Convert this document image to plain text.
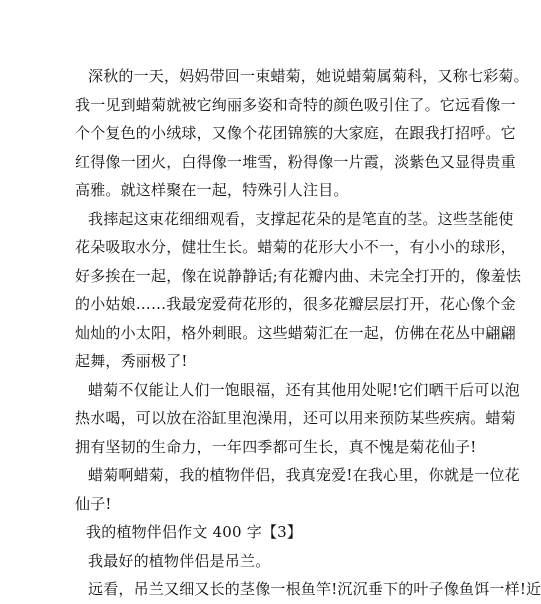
深秋的一天，妈妈带回一束蜡菊，她说蜡菊属菊科，又称七彩菊。
我一见到蜡菊就被它绚丽多姿和奇特的颜色吸引住了。它远看像一
个个复色的小绒球，又像个花团锦簇的大家庭，在跟我打招呼。它
红得像一团火，白得像一堆雪，粉得像一片霞，淡紫色又显得贵重
高雅。就这样聚在一起，特殊引人注目。

我摔起这束花细细观看，支撑起花朵的是笔直的茎。这些茎能使
花朵吸取水分，健壮生长。蜡菊的花形大小不一，有小小的球形，
好多挨在一起，像在说静静话;有花瓣内曲、未完全打开的，像羞怯
的小姑娘……我最宠爱荷花形的，很多花瓣层层打开，花心像个金
灿灿的小太阳，格外刺眼。这些蜡菊汇在一起，仿佛在花丛中翩翩
起舞，秀丽极了!

蜡菊不仅能让人们一饱眼福，还有其他用处呢!它们晒干后可以泡
热水喝，可以放在浴缸里泡澡用，还可以用来预防某些疾病。蜡菊
拥有坚韧的生命力，一年四季都可生长，真不愧是菊花仙子!

蜡菊啊蜡菊，我的植物伴侣，我真宠爱!在我心里，你就是一位花
仙子!

我的植物伴侣作文 400 字【3】

我最好的植物伴侣是吊兰。

远看，吊兰又细又长的茎像一根鱼竿!沉沉垂下的叶子像鱼饵一样!近
